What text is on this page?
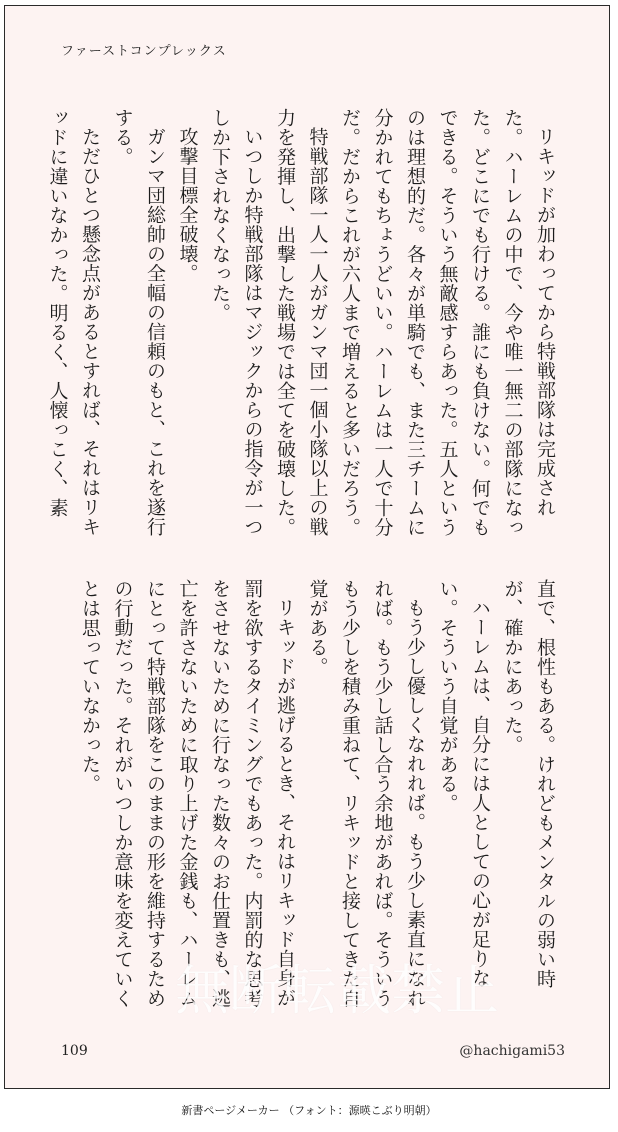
ファーストコンプレックス

リキッドが加わってから特戦部隊は完成された。ハーレムの中で、今や唯一無二の部隊になった。どこにでも行ける。誰にも負けない。何でもできる。そういう無敵感すらあった。五人というのは理想的だ。各々が単騎でも、また三チームに分かれてもちょうどいい。ハーレムは一人で十分だ。だからこれが六人まで増えると多いだろう。

特戦部隊一人一人がガンマ団一個小隊以上の戦力を発揮し、出撃した戦場では全てを破壊した。

いつしか特戦部隊はマジックからの指令が一つしか下されなくなった。

攻撃目標全破壊。

ガンマ団総帥の全幅の信頼のもと、これを遂行する。

ただひとつ懸念点があるとすれば、それはリキッドに違いなかった。明るく、人懐っこく、素

直で、根性もある。けれどもメンタルの弱い時が、確かにあった。

ハーレムは、自分には人としての心が足りない。そういう自覚がある。

もう少し優しくなれれば。もう少し素直になれれば。もう少し話し合う余地があれば。そういうもう少しを積み重ねて、リキッドと接してきた自覚がある。

リキッドが逃げるとき、それはリキッド自身が罰を欲するタイミングでもあった。内罰的な思考をさせないために行なった数々のお仕置きも、逃亡を許さないために取り上げた金銭も、ハーレムにとって特戦部隊をこのままの形を維持するための行動だった。それがいつしか意味を変えていくとは思っていなかった。

無断転載禁止
109	@hachigami53
新書ページメーカー （フォント：源暎こぶり明朝）
